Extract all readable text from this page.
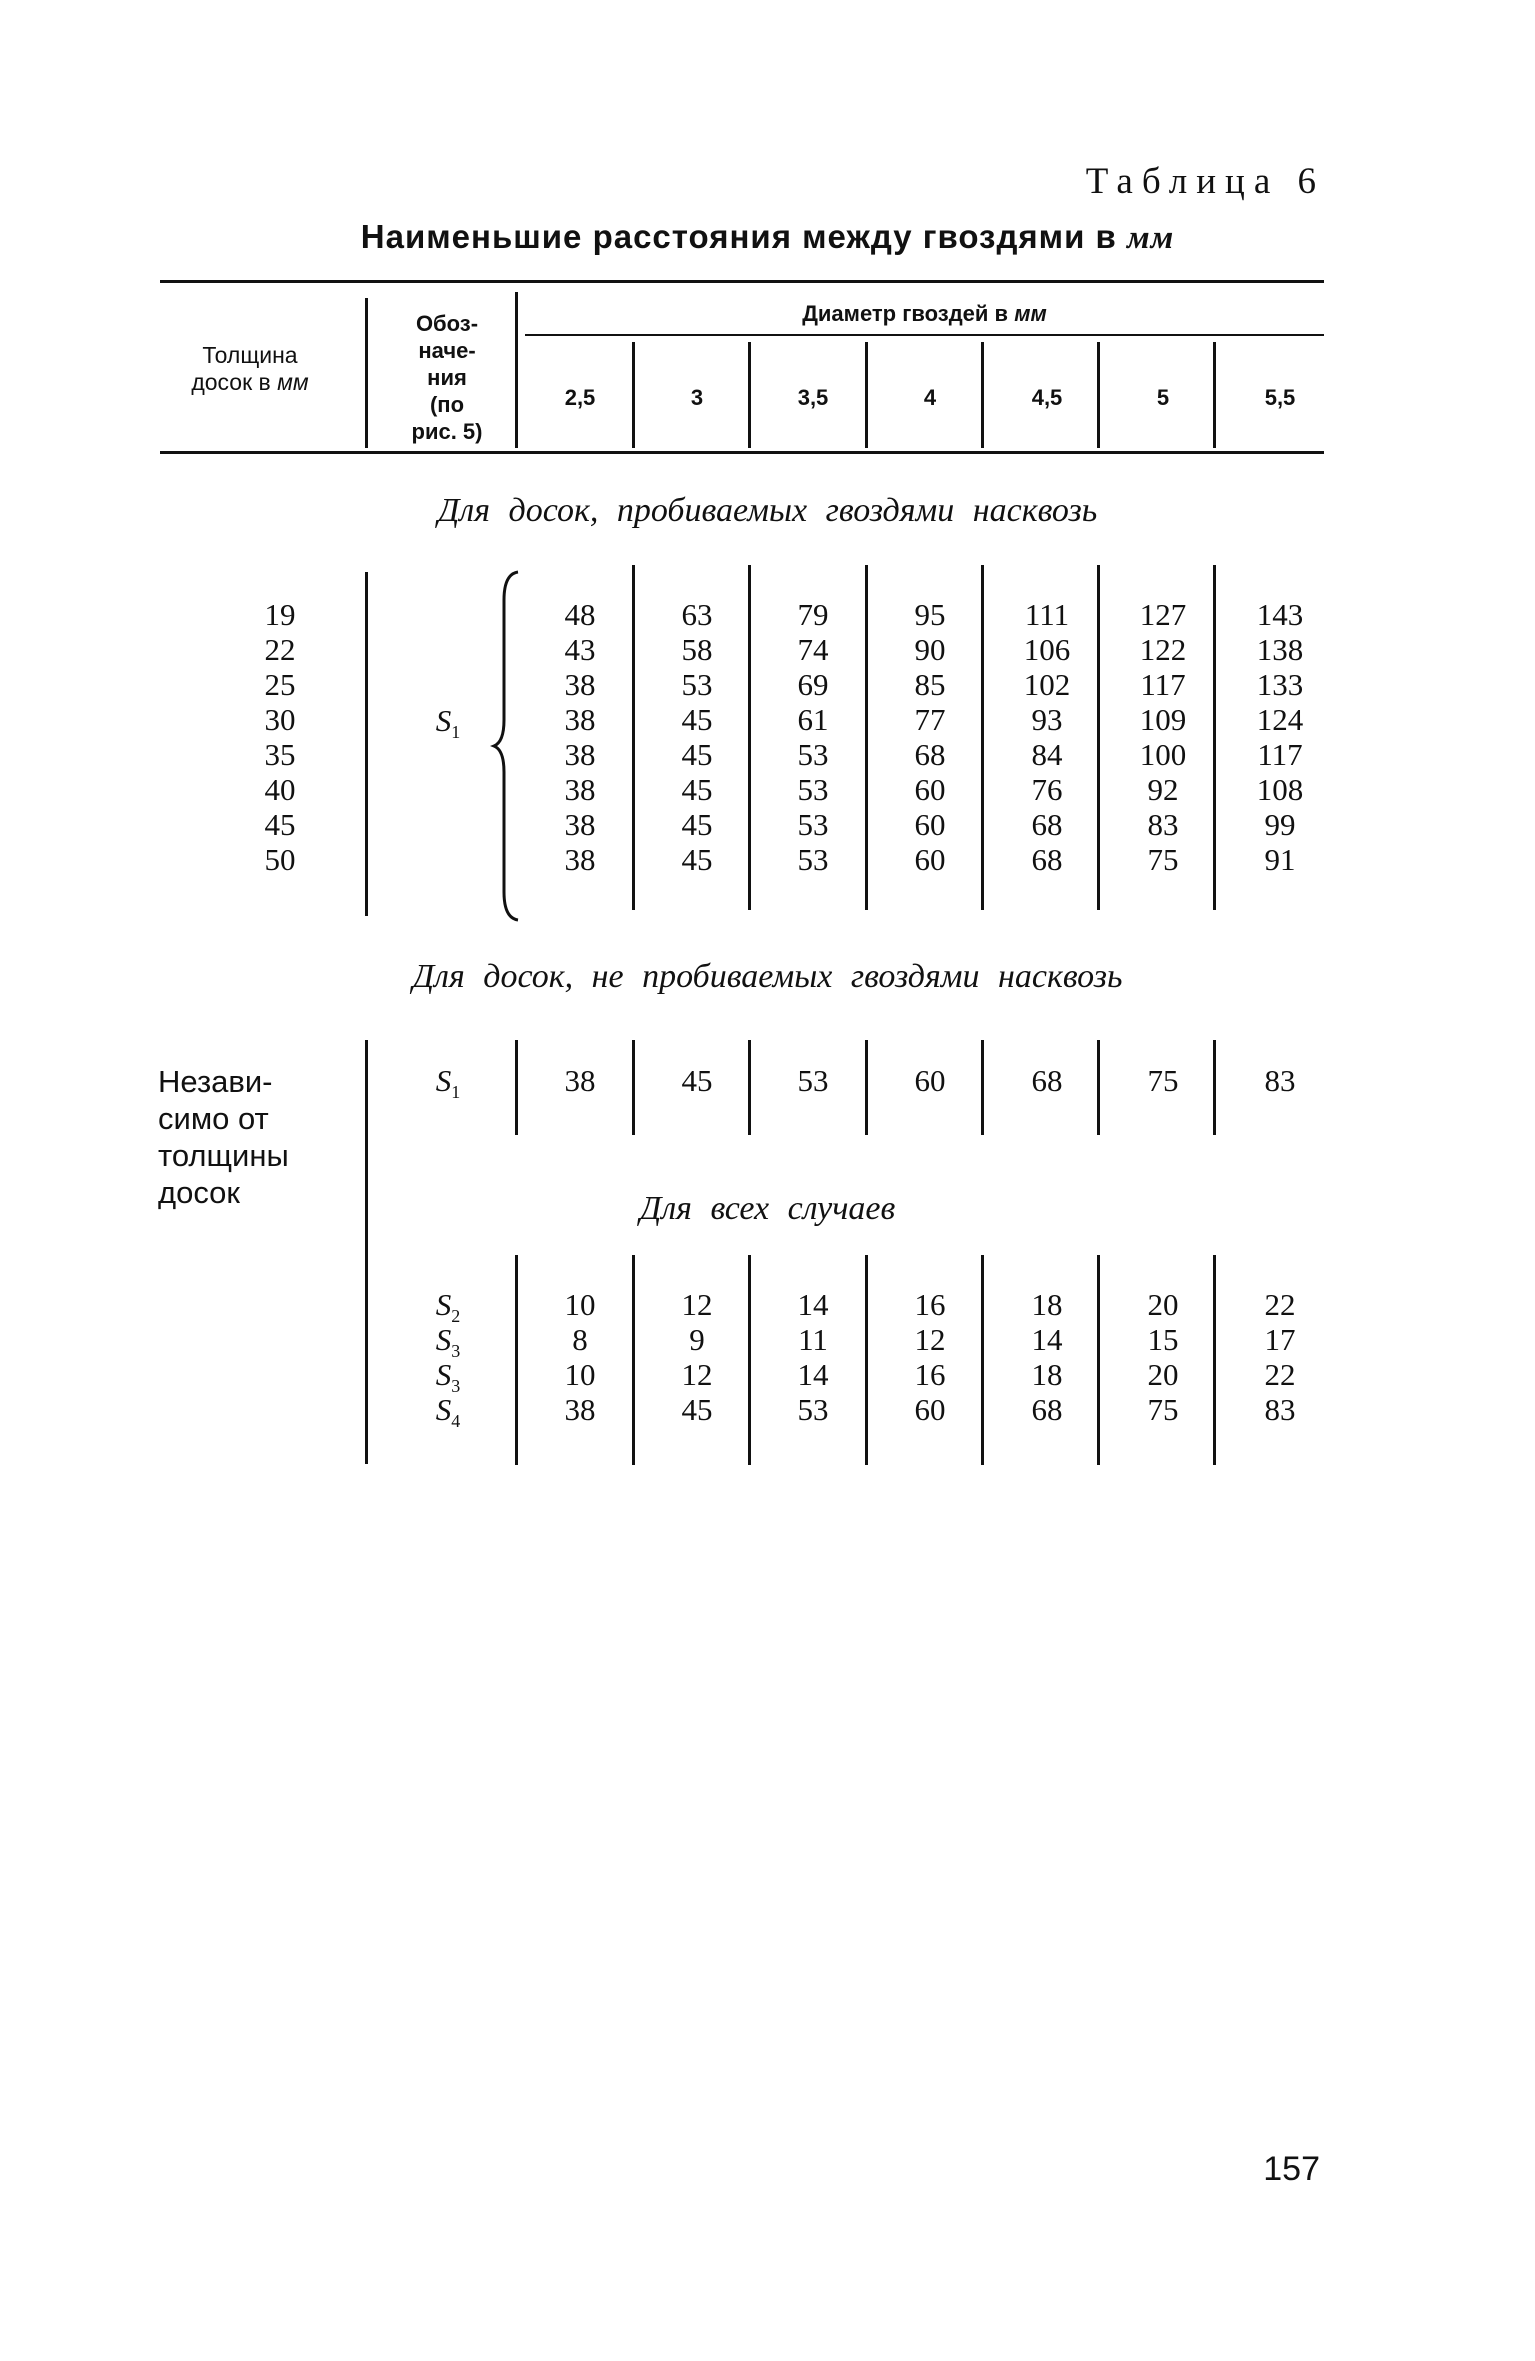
Таблица 6
Наименьшие расстояния между гвоздями в мм
Толщина
досок в мм
Обоз-
наче-
ния
(по
рис. 5)
Диаметр гвоздей в мм
2,5	3	3,5	4	4,5	5	5,5
Для досок, пробиваемых гвоздями насквозь
19	48	63	79	95	111	127	143
22	43	58	74	90	106	122	138
25	38	53	69	85	102	117	133
30	38	45	61	77	93	109	124
35	38	45	53	68	84	100	117
40	38	45	53	60	76	92	108
45	38	45	53	60	68	83	99
50	38	45	53	60	68	75	91
$S_1$
Для досок, не пробиваемых гвоздями насквозь
Незави-
симо от
толщины
досок
$S_1$	38	45	53	60	68	75	83
Для всех случаев
$S_2$	10	12	14	16	18	20	22
$S_3$	8	9	11	12	14	15	17
$S_3$	10	12	14	16	18	20	22
$S_4$	38	45	53	60	68	75	83
157
